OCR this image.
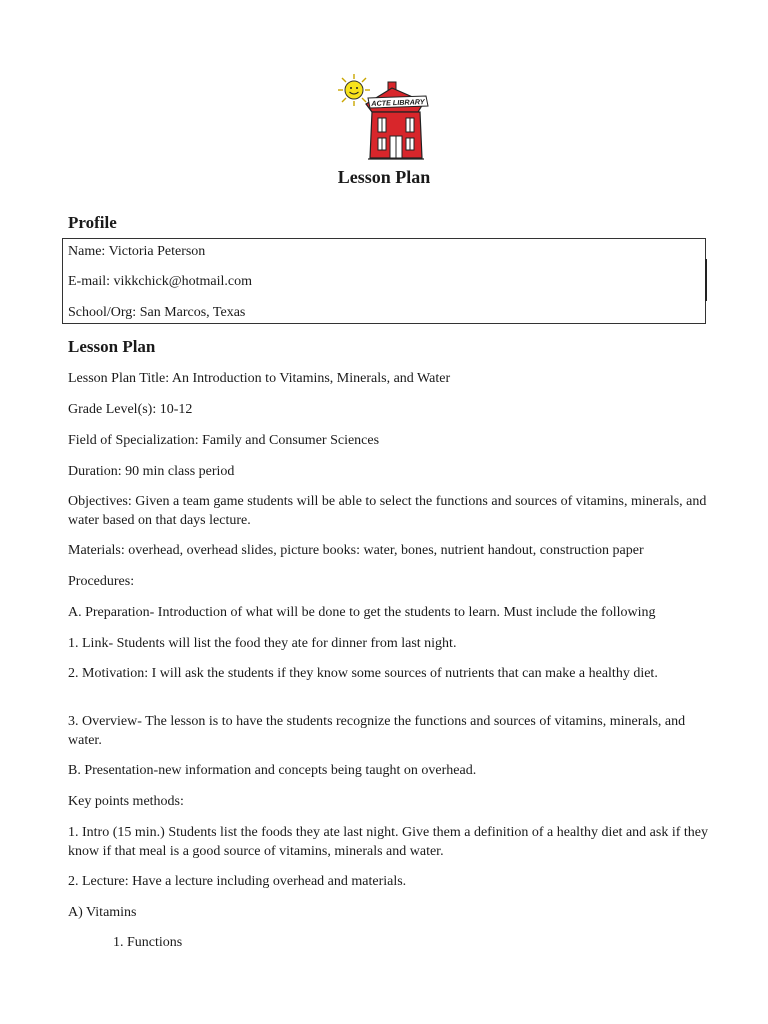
ACTE LIBRARY
Lesson Plan
Profile
Name: Victoria Peterson
E-mail: vikkchick@hotmail.com
School/Org: San Marcos, Texas
Lesson Plan
Lesson Plan Title: An Introduction to Vitamins, Minerals, and Water
Grade Level(s): 10-12
Field of Specialization: Family and Consumer Sciences
Duration: 90 min class period
Objectives: Given a team game students will be able to select the functions and sources of vitamins, minerals, and water based on that days lecture.
Materials: overhead, overhead slides, picture books: water, bones, nutrient handout, construction paper
Procedures:
A. Preparation- Introduction of what will be done to get the students to learn. Must include the following
1. Link- Students will list the food they ate for dinner from last night.
2. Motivation: I will ask the students if they know some sources of nutrients that can make a healthy diet.
3. Overview- The lesson is to have the students recognize the functions and sources of vitamins, minerals, and water.
B. Presentation-new information and concepts being taught on overhead.
Key points methods:
1. Intro (15 min.) Students list the foods they ate last night. Give them a definition of a healthy diet and ask if they know if that meal is a good source of vitamins, minerals and water.
2. Lecture: Have a lecture including overhead and materials.
A) Vitamins
1. Functions
